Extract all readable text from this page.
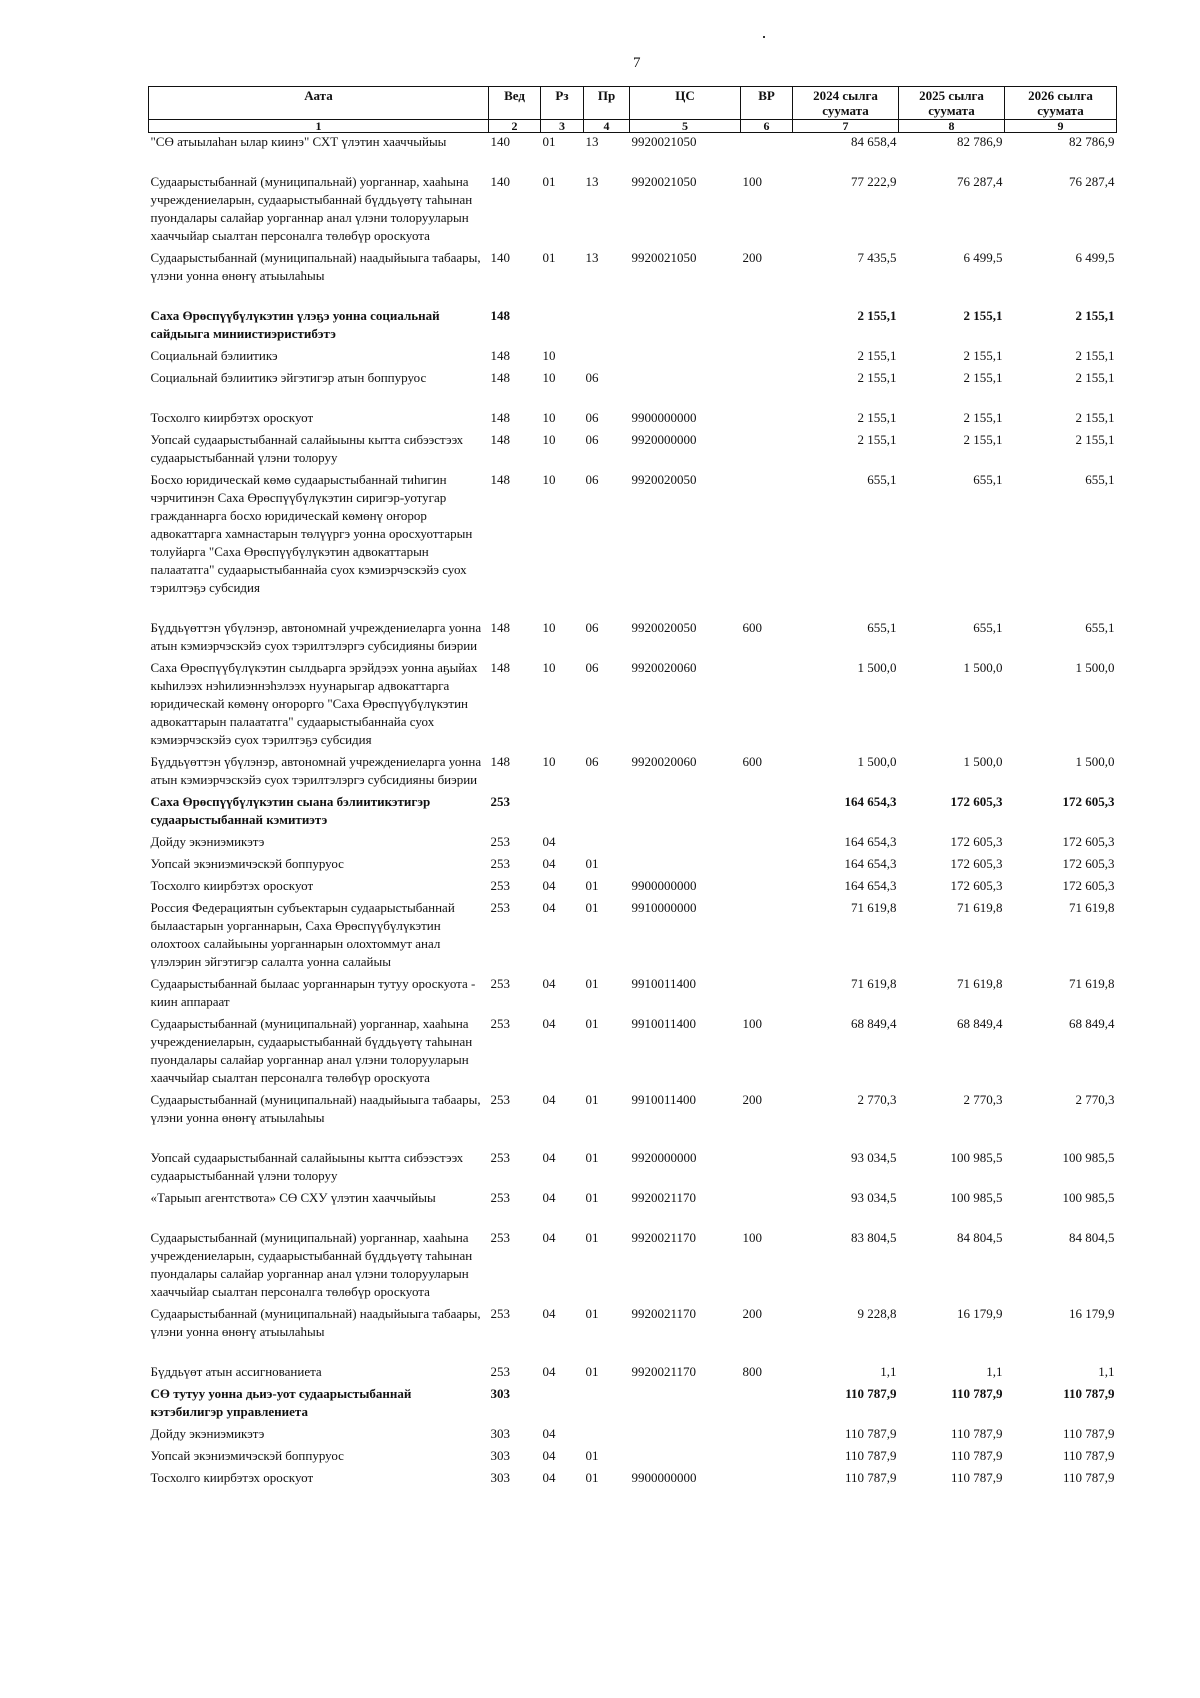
7
Аата	Вед	Рз	Пр	ЦС	ВР	2024 сылга суумата	2025 сылга суумата	2026 сылга суумата
1	2	3	4	5	6	7	8	9
"СӨ атыылаһан ылар киинэ" СХТ үлэтин хааччыйыы	140	01	13	9920021050		84 658,4	82 786,9	82 786,9
Судаарыстыбаннай (муниципальнай) уорганнар, хааһына учреждениеларын, судаарыстыбаннай бүддьүөтү таһынан пуондалары салайар уорганнар анал үлэни толорууларын хааччыйар сыалтан персоналга төлөбүр ороскуота	140	01	13	9920021050	100	77 222,9	76 287,4	76 287,4
Судаарыстыбаннай (муниципальнай) наадыйыыга табаары, үлэни уонна өнөҥү атыылаһыы	140	01	13	9920021050	200	7 435,5	6 499,5	6 499,5
Саха Өрөспүүбүлүкэтин үлэҕэ уонна социальнай сайдыыга миниистиэристибэтэ	148					2 155,1	2 155,1	2 155,1
Социальнай бэлиитикэ	148	10				2 155,1	2 155,1	2 155,1
Социальнай бэлиитикэ эйгэтигэр атын боппуруос	148	10	06			2 155,1	2 155,1	2 155,1
Тосхолго киирбэтэх ороскуот	148	10	06	9900000000		2 155,1	2 155,1	2 155,1
Уопсай судаарыстыбаннай салайыыны кытта сибээстээх судаарыстыбаннай үлэни толоруу	148	10	06	9920000000		2 155,1	2 155,1	2 155,1
Босхо юридическай көмө судаарыстыбаннай тиһигин чэрчитинэн Саха Өрөспүүбүлүкэтин сиригэр-уотугар гражданнарга босхо юридическай көмөнү оҥорор адвокаттарга хамнастарын төлүүргэ уонна оросхуоттарын толуйарга "Саха Өрөспүүбүлүкэтин адвокаттарын палаататга" судаарыстыбаннайа суох кэмиэрчэскэйэ суох тэрилтэҕэ субсидия	148	10	06	9920020050		655,1	655,1	655,1
Бүддьүөттэн үбүлэнэр, автономнай учреждениеларга уонна атын кэмиэрчэскэйэ суох тэрилтэлэргэ субсидияны биэрии	148	10	06	9920020050	600	655,1	655,1	655,1
Саха Өрөспүүбүлүкэтин сылдьарга эрэйдээх уонна аҕыйах кыһилээх нэһилиэннэһэлээх нуунарыгар адвокаттарга юридическай көмөнү оҥорорго "Саха Өрөспүүбүлүкэтин адвокаттарын палаататга" судаарыстыбаннайа суох кэмиэрчэскэйэ суох тэрилтэҕэ субсидия	148	10	06	9920020060		1 500,0	1 500,0	1 500,0
Бүддьүөттэн үбүлэнэр, автономнай учреждениеларга уонна атын кэмиэрчэскэйэ суох тэрилтэлэргэ субсидияны биэрии	148	10	06	9920020060	600	1 500,0	1 500,0	1 500,0
Саха Өрөспүүбүлүкэтин сыана бэлиитикэтигэр судаарыстыбаннай кэмитиэтэ	253					164 654,3	172 605,3	172 605,3
Дойду экэниэмикэтэ	253	04				164 654,3	172 605,3	172 605,3
Уопсай экэниэмичэскэй боппуруос	253	04	01			164 654,3	172 605,3	172 605,3
Тосхолго киирбэтэх ороскуот	253	04	01	9900000000		164 654,3	172 605,3	172 605,3
Россия Федерациятын субъектарын судаарыстыбаннай былаастарын уорганнарын, Саха Өрөспүүбүлүкэтин олохтоох салайыыны уорганнарын олохтоммут анал үлэлэрин эйгэтигэр салалта уонна салайыы	253	04	01	9910000000		71 619,8	71 619,8	71 619,8
Судаарыстыбаннай былаас уорганнарын тутуу ороскуота - киин аппараат	253	04	01	9910011400		71 619,8	71 619,8	71 619,8
Судаарыстыбаннай (муниципальнай) уорганнар, хааһына учреждениеларын, судаарыстыбаннай бүддьүөтү таһынан пуондалары салайар уорганнар анал үлэни толорууларын хааччыйар сыалтан персоналга төлөбүр ороскуота	253	04	01	9910011400	100	68 849,4	68 849,4	68 849,4
Судаарыстыбаннай (муниципальнай) наадыйыыга табаары, үлэни уонна өнөҥү атыылаһыы	253	04	01	9910011400	200	2 770,3	2 770,3	2 770,3
Уопсай судаарыстыбаннай салайыыны кытта сибээстээх судаарыстыбаннай үлэни толоруу	253	04	01	9920000000		93 034,5	100 985,5	100 985,5
«Тарыып агентствота» СӨ СХУ үлэтин хааччыйыы	253	04	01	9920021170		93 034,5	100 985,5	100 985,5
Судаарыстыбаннай (муниципальнай) уорганнар, хааһына учреждениеларын, судаарыстыбаннай бүддьүөтү таһынан пуондалары салайар уорганнар анал үлэни толорууларын хааччыйар сыалтан персоналга төлөбүр ороскуота	253	04	01	9920021170	100	83 804,5	84 804,5	84 804,5
Судаарыстыбаннай (муниципальнай) наадыйыыга табаары, үлэни уонна өнөҥү атыылаһыы	253	04	01	9920021170	200	9 228,8	16 179,9	16 179,9
Бүддьүөт атын ассигнованиета	253	04	01	9920021170	800	1,1	1,1	1,1
СӨ тутуу уонна дьиэ-уот судаарыстыбаннай кэтэбилигэр управлениета	303					110 787,9	110 787,9	110 787,9
Дойду экэниэмикэтэ	303	04				110 787,9	110 787,9	110 787,9
Уопсай экэниэмичэскэй боппуруос	303	04	01			110 787,9	110 787,9	110 787,9
Тосхолго киирбэтэх ороскуот	303	04	01	9900000000		110 787,9	110 787,9	110 787,9
